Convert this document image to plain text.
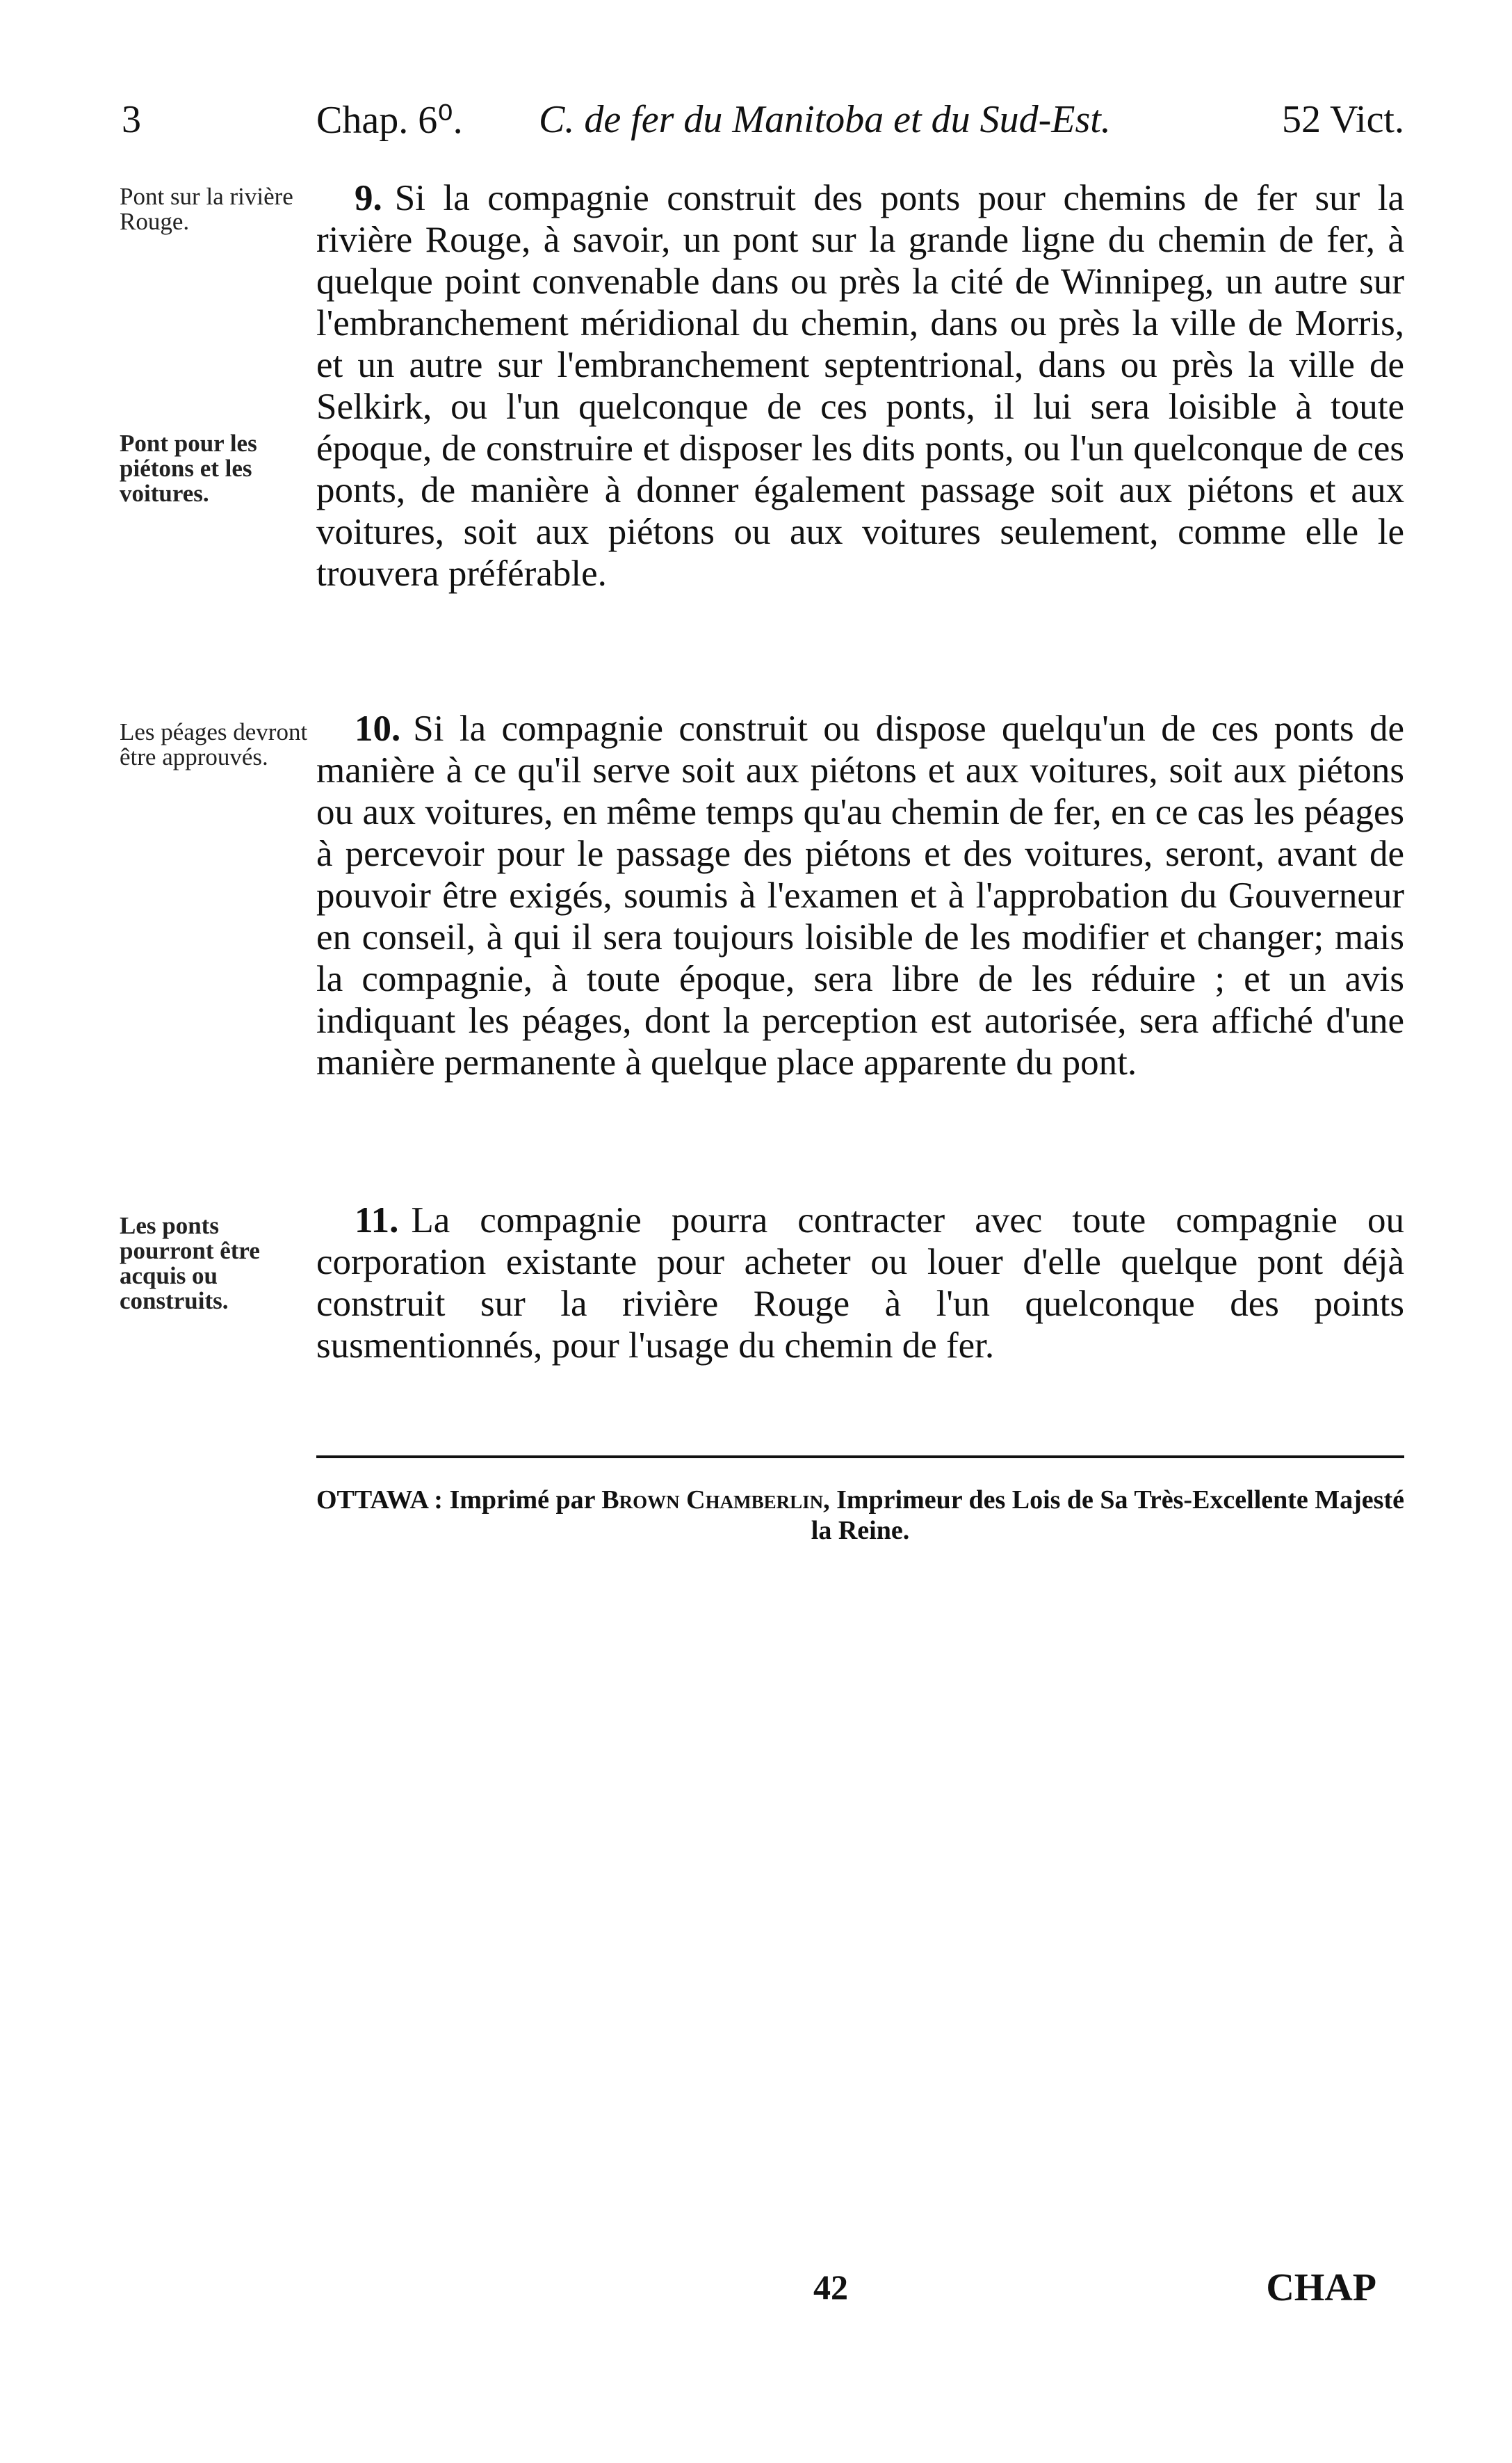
3	Chap. 6⁰. C. de fer du Manitoba et du Sud-Est.	52 Vict.
Pont sur la rivière Rouge.
Pont pour les piétons et les voitures.
Les péages devront être approuvés.
Les ponts pourront être acquis ou construits.

9. Si la compagnie construit des ponts pour chemins de fer sur la rivière Rouge, à savoir, un pont sur la grande ligne du chemin de fer, à quelque point convenable dans ou près la cité de Winnipeg, un autre sur l'embranchement méridional du chemin, dans ou près la ville de Morris, et un autre sur l'embranchement septentrional, dans ou près la ville de Selkirk, ou l'un quelconque de ces ponts, il lui sera loisible à toute époque, de construire et disposer les dits ponts, ou l'un quelconque de ces ponts, de manière à donner également passage soit aux piétons et aux voitures, soit aux piétons ou aux voitures seulement, comme elle le trouvera préférable.

10. Si la compagnie construit ou dispose quelqu'un de ces ponts de manière à ce qu'il serve soit aux piétons et aux voitures, soit aux piétons ou aux voitures, en même temps qu'au chemin de fer, en ce cas les péages à percevoir pour le passage des piétons et des voitures, seront, avant de pouvoir être exigés, soumis à l'examen et à l'approbation du Gouverneur en conseil, à qui il sera toujours loisible de les modifier et changer; mais la compagnie, à toute époque, sera libre de les réduire ; et un avis indiquant les péages, dont la perception est autorisée, sera affiché d'une manière permanente à quelque place apparente du pont.

11. La compagnie pourra contracter avec toute compagnie ou corporation existante pour acheter ou louer d'elle quelque pont déjà construit sur la rivière Rouge à l'un quelconque des points susmentionnés, pour l'usage du chemin de fer.

OTTAWA : Imprimé par Brown Chamberlin, Imprimeur des Lois de Sa Très-Excellente Majesté la Reine.
42	CHAP
